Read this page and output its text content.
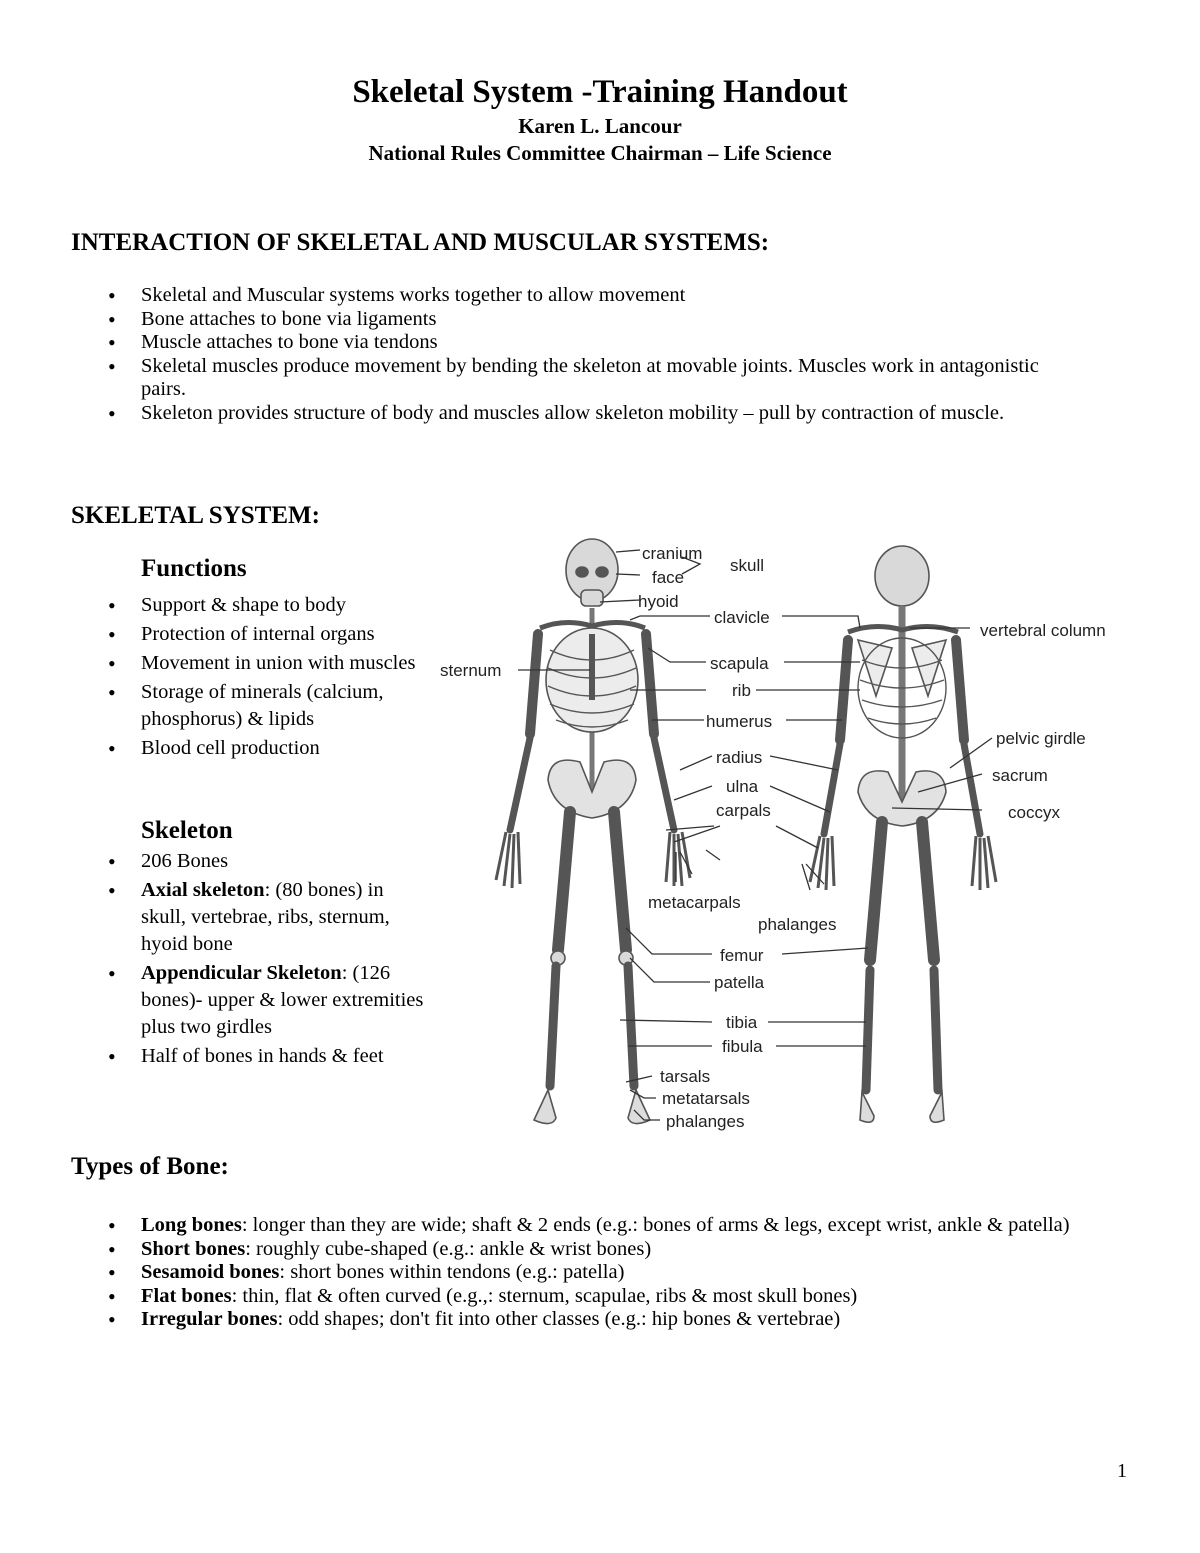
Skeletal System -Training Handout
Karen L. Lancour
National Rules Committee Chairman – Life Science
INTERACTION OF SKELETAL AND MUSCULAR SYSTEMS:
• Skeletal and Muscular systems works together to allow movement
• Bone attaches to bone via ligaments
• Muscle attaches to bone via tendons
• Skeletal muscles produce movement by bending the skeleton at movable joints. Muscles work in antagonistic pairs.
• Skeleton provides structure of body and muscles allow skeleton mobility – pull by contraction of muscle.
SKELETAL SYSTEM:
Functions
• Support & shape to body
• Protection of internal organs
• Movement in union with muscles
• Storage of minerals (calcium, phosphorus) & lipids
• Blood cell production
Skeleton
• 206 Bones
• Axial skeleton: (80 bones) in skull, vertebrae, ribs, sternum, hyoid bone
• Appendicular Skeleton: (126 bones)- upper & lower extremities plus two girdles
• Half of bones in hands & feet
cranium
face
skull
hyoid
clavicle
vertebral column
sternum	scapula
rib
humerus
pelvic girdle
radius
ulna
sacrum
carpals	coccyx
metacarpals
phalanges
femur
patella
tibia
fibula
tarsals
metatarsals
phalanges
Types of Bone:
• Long bones: longer than they are wide; shaft & 2 ends (e.g.: bones of arms & legs, except wrist, ankle & patella)
• Short bones: roughly cube-shaped (e.g.: ankle & wrist bones)
• Sesamoid bones: short bones within tendons (e.g.: patella)
• Flat bones: thin, flat & often curved (e.g.,: sternum, scapulae, ribs & most skull bones)
• Irregular bones: odd shapes; don't fit into other classes (e.g.: hip bones & vertebrae)
1
